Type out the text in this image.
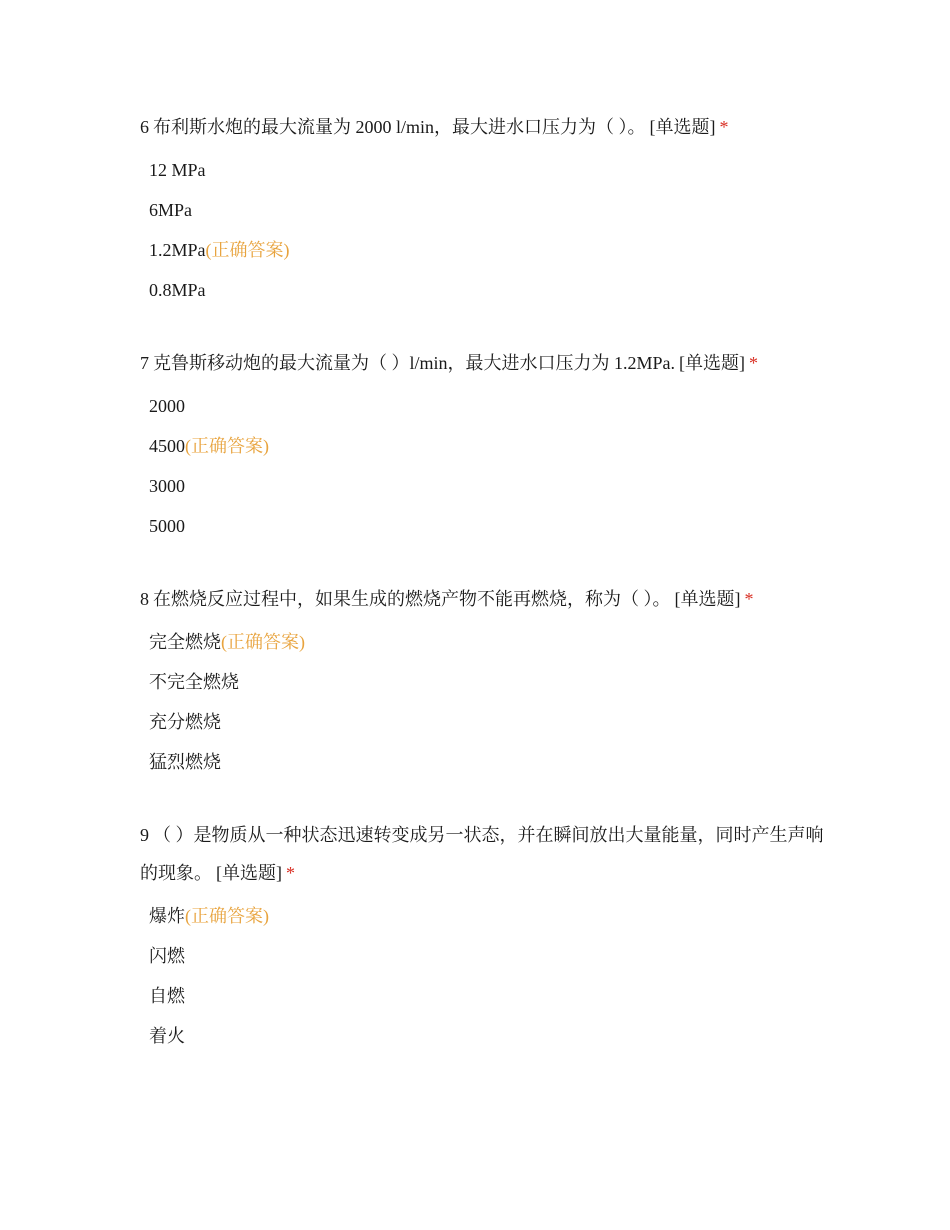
6 布利斯水炮的最大流量为 2000 l/min，最大进水口压力为（ ）。 [单选题] *

12 MPa
6MPa
1.2MPa(正确答案)
0.8MPa

7 克鲁斯移动炮的最大流量为（ ）l/min，最大进水口压力为 1.2MPa. [单选题] *

2000
4500(正确答案)
3000
5000

8 在燃烧反应过程中，如果生成的燃烧产物不能再燃烧，称为（ ）。 [单选题] *

完全燃烧(正确答案)
不完全燃烧
充分燃烧
猛烈燃烧

9 （ ）是物质从一种状态迅速转变成另一状态，并在瞬间放出大量能量，同时产生声响的现象。 [单选题] *

爆炸(正确答案)
闪燃
自燃
着火
